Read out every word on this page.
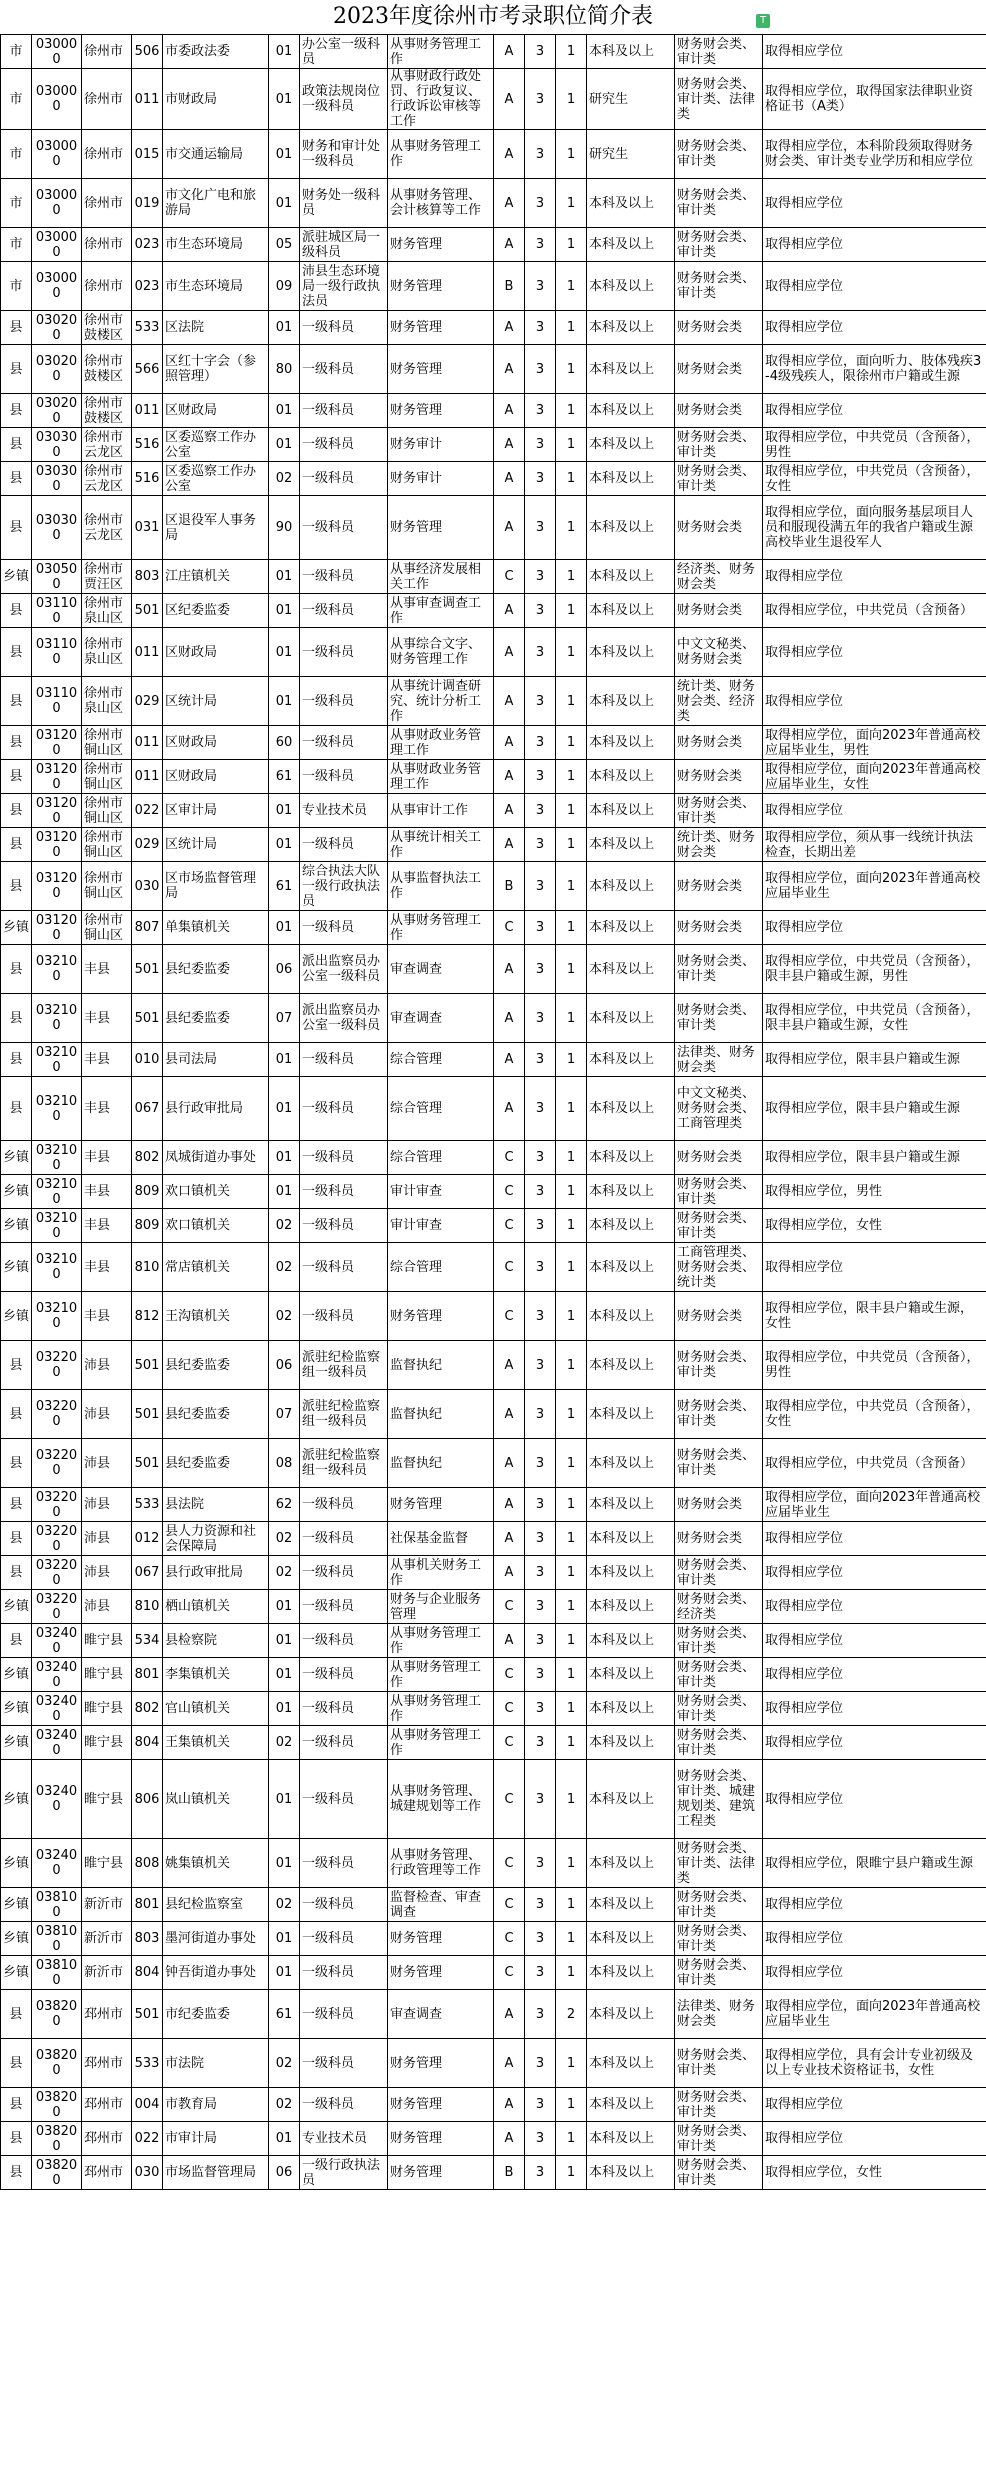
2023年度徐州市考录职位简介表	T
市	030000	徐州市	506	市委政法委	01	办公室一级科员	从事财务管理工作	A	3	1	本科及以上	财务财会类、审计类	取得相应学位
市	030000	徐州市	011	市财政局	01	政策法规岗位一级科员	从事财政行政处罚、行政复议、行政诉讼审核等工作	A	3	1	研究生	财务财会类、审计类、法律类	取得相应学位，取得国家法律职业资格证书（A类）
市	030000	徐州市	015	市交通运输局	01	财务和审计处一级科员	从事财务管理工作	A	3	1	研究生	财务财会类、审计类	取得相应学位，本科阶段须取得财务财会类、审计类专业学历和相应学位
市	030000	徐州市	019	市文化广电和旅游局	01	财务处一级科员	从事财务管理、会计核算等工作	A	3	1	本科及以上	财务财会类、审计类	取得相应学位
市	030000	徐州市	023	市生态环境局	05	派驻城区局一级科员	财务管理	A	3	1	本科及以上	财务财会类、审计类	取得相应学位
市	030000	徐州市	023	市生态环境局	09	沛县生态环境局一级行政执法员	财务管理	B	3	1	本科及以上	财务财会类、审计类	取得相应学位
县	030200	徐州市鼓楼区	533	区法院	01	一级科员	财务管理	A	3	1	本科及以上	财务财会类	取得相应学位
县	030200	徐州市鼓楼区	566	区红十字会（参照管理）	80	一级科员	财务管理	A	3	1	本科及以上	财务财会类	取得相应学位，面向听力、肢体残疾3-4级残疾人，限徐州市户籍或生源
县	030200	徐州市鼓楼区	011	区财政局	01	一级科员	财务管理	A	3	1	本科及以上	财务财会类	取得相应学位
县	030300	徐州市云龙区	516	区委巡察工作办公室	01	一级科员	财务审计	A	3	1	本科及以上	财务财会类、审计类	取得相应学位，中共党员（含预备），男性
县	030300	徐州市云龙区	516	区委巡察工作办公室	02	一级科员	财务审计	A	3	1	本科及以上	财务财会类、审计类	取得相应学位，中共党员（含预备），女性
县	030300	徐州市云龙区	031	区退役军人事务局	90	一级科员	财务管理	A	3	1	本科及以上	财务财会类	取得相应学位，面向服务基层项目人员和服现役满五年的我省户籍或生源高校毕业生退役军人
乡镇	030500	徐州市贾汪区	803	江庄镇机关	01	一级科员	从事经济发展相关工作	C	3	1	本科及以上	经济类、财务财会类	取得相应学位
县	031100	徐州市泉山区	501	区纪委监委	01	一级科员	从事审查调查工作	A	3	1	本科及以上	财务财会类	取得相应学位，中共党员（含预备）
县	031100	徐州市泉山区	011	区财政局	01	一级科员	从事综合文字、财务管理工作	A	3	1	本科及以上	中文文秘类、财务财会类	取得相应学位
县	031100	徐州市泉山区	029	区统计局	01	一级科员	从事统计调查研究、统计分析工作	A	3	1	本科及以上	统计类、财务财会类、经济类	取得相应学位
县	031200	徐州市铜山区	011	区财政局	60	一级科员	从事财政业务管理工作	A	3	1	本科及以上	财务财会类	取得相应学位，面向2023年普通高校应届毕业生，男性
县	031200	徐州市铜山区	011	区财政局	61	一级科员	从事财政业务管理工作	A	3	1	本科及以上	财务财会类	取得相应学位，面向2023年普通高校应届毕业生，女性
县	031200	徐州市铜山区	022	区审计局	01	专业技术员	从事审计工作	A	3	1	本科及以上	财务财会类、审计类	取得相应学位
县	031200	徐州市铜山区	029	区统计局	01	一级科员	从事统计相关工作	A	3	1	本科及以上	统计类、财务财会类	取得相应学位，须从事一线统计执法检查，长期出差
县	031200	徐州市铜山区	030	区市场监督管理局	61	综合执法大队一级行政执法员	从事监督执法工作	B	3	1	本科及以上	财务财会类	取得相应学位，面向2023年普通高校应届毕业生
乡镇	031200	徐州市铜山区	807	单集镇机关	01	一级科员	从事财务管理工作	C	3	1	本科及以上	财务财会类	取得相应学位
县	032100	丰县	501	县纪委监委	06	派出监察员办公室一级科员	审查调查	A	3	1	本科及以上	财务财会类、审计类	取得相应学位，中共党员（含预备），限丰县户籍或生源，男性
县	032100	丰县	501	县纪委监委	07	派出监察员办公室一级科员	审查调查	A	3	1	本科及以上	财务财会类、审计类	取得相应学位，中共党员（含预备），限丰县户籍或生源，女性
县	032100	丰县	010	县司法局	01	一级科员	综合管理	A	3	1	本科及以上	法律类、财务财会类	取得相应学位，限丰县户籍或生源
县	032100	丰县	067	县行政审批局	01	一级科员	综合管理	A	3	1	本科及以上	中文文秘类、财务财会类、工商管理类	取得相应学位，限丰县户籍或生源
乡镇	032100	丰县	802	凤城街道办事处	01	一级科员	综合管理	C	3	1	本科及以上	财务财会类	取得相应学位，限丰县户籍或生源
乡镇	032100	丰县	809	欢口镇机关	01	一级科员	审计审查	C	3	1	本科及以上	财务财会类、审计类	取得相应学位，男性
乡镇	032100	丰县	809	欢口镇机关	02	一级科员	审计审查	C	3	1	本科及以上	财务财会类、审计类	取得相应学位，女性
乡镇	032100	丰县	810	常店镇机关	02	一级科员	综合管理	C	3	1	本科及以上	工商管理类、财务财会类、统计类	取得相应学位
乡镇	032100	丰县	812	王沟镇机关	02	一级科员	财务管理	C	3	1	本科及以上	财务财会类	取得相应学位，限丰县户籍或生源，女性
县	032200	沛县	501	县纪委监委	06	派驻纪检监察组一级科员	监督执纪	A	3	1	本科及以上	财务财会类、审计类	取得相应学位，中共党员（含预备），男性
县	032200	沛县	501	县纪委监委	07	派驻纪检监察组一级科员	监督执纪	A	3	1	本科及以上	财务财会类、审计类	取得相应学位，中共党员（含预备），女性
县	032200	沛县	501	县纪委监委	08	派驻纪检监察组一级科员	监督执纪	A	3	1	本科及以上	财务财会类、审计类	取得相应学位，中共党员（含预备）
县	032200	沛县	533	县法院	62	一级科员	财务管理	A	3	1	本科及以上	财务财会类	取得相应学位，面向2023年普通高校应届毕业生
县	032200	沛县	012	县人力资源和社会保障局	02	一级科员	社保基金监督	A	3	1	本科及以上	财务财会类	取得相应学位
县	032200	沛县	067	县行政审批局	02	一级科员	从事机关财务工作	A	3	1	本科及以上	财务财会类、审计类	取得相应学位
乡镇	032200	沛县	810	栖山镇机关	01	一级科员	财务与企业服务管理	C	3	1	本科及以上	财务财会类、经济类	取得相应学位
县	032400	睢宁县	534	县检察院	01	一级科员	从事财务管理工作	A	3	1	本科及以上	财务财会类、审计类	取得相应学位
乡镇	032400	睢宁县	801	李集镇机关	01	一级科员	从事财务管理工作	C	3	1	本科及以上	财务财会类、审计类	取得相应学位
乡镇	032400	睢宁县	802	官山镇机关	01	一级科员	从事财务管理工作	C	3	1	本科及以上	财务财会类、审计类	取得相应学位
乡镇	032400	睢宁县	804	王集镇机关	02	一级科员	从事财务管理工作	C	3	1	本科及以上	财务财会类、审计类	取得相应学位
乡镇	032400	睢宁县	806	岚山镇机关	01	一级科员	从事财务管理、城建规划等工作	C	3	1	本科及以上	财务财会类、审计类、城建规划类、建筑工程类	取得相应学位
乡镇	032400	睢宁县	808	姚集镇机关	01	一级科员	从事财务管理、行政管理等工作	C	3	1	本科及以上	财务财会类、审计类、法律类	取得相应学位，限睢宁县户籍或生源
乡镇	038100	新沂市	801	县纪检监察室	02	一级科员	监督检查、审查调查	C	3	1	本科及以上	财务财会类、审计类	取得相应学位
乡镇	038100	新沂市	803	墨河街道办事处	01	一级科员	财务管理	C	3	1	本科及以上	财务财会类、审计类	取得相应学位
乡镇	038100	新沂市	804	钟吾街道办事处	01	一级科员	财务管理	C	3	1	本科及以上	财务财会类、审计类	取得相应学位
县	038200	邳州市	501	市纪委监委	61	一级科员	审查调查	A	3	2	本科及以上	法律类、财务财会类	取得相应学位，面向2023年普通高校应届毕业生
县	038200	邳州市	533	市法院	02	一级科员	财务管理	A	3	1	本科及以上	财务财会类、审计类	取得相应学位，具有会计专业初级及以上专业技术资格证书，女性
县	038200	邳州市	004	市教育局	02	一级科员	财务管理	A	3	1	本科及以上	财务财会类、审计类	取得相应学位
县	038200	邳州市	022	市审计局	01	专业技术员	财务管理	A	3	1	本科及以上	财务财会类、审计类	取得相应学位
县	038200	邳州市	030	市场监督管理局	06	一级行政执法员	财务管理	B	3	1	本科及以上	财务财会类、审计类	取得相应学位，女性
